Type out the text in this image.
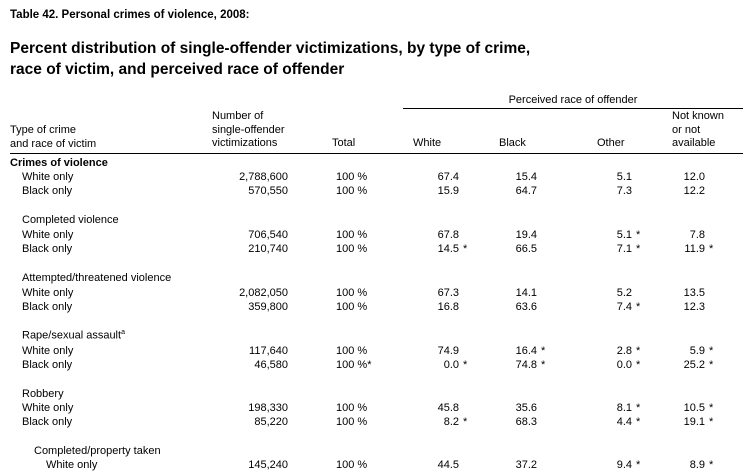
Table 42. Personal crimes of violence, 2008:
Percent distribution of single-offender victimizations, by type of crime,
race of victim, and perceived race of offender
Perceived race of offender
Type of crime
and race of victim
Number of
single-offender
victimizations	Total	White	Black	Other
Not known
or not
available
Crimes of violence
White only	2,788,600	100 %	67.4	15.4	5.1	12.0
Black only	570,550	100 %	15.9	64.7	7.3	12.2
Completed violence
White only	706,540	100 %	67.8	19.4	5.1 *	7.8
Black only	210,740	100 %	14.5 *	66.5	7.1 *	11.9 *
Attempted/threatened violence
White only	2,082,050	100 %	67.3	14.1	5.2	13.5
Black only	359,800	100 %	16.8	63.6	7.4 *	12.3
Rape/sexual assault$^a$
White only	117,640	100 %	74.9	16.4 *	2.8 *	5.9 *
Black only	46,580	100 %*	0.0 *	74.8 *	0.0 *	25.2 *
Robbery
White only	198,330	100 %	45.8	35.6	8.1 *	10.5 *
Black only	85,220	100 %	8.2 *	68.3	4.4 *	19.1 *
Completed/property taken
White only	145,240	100 %	44.5	37.2	9.4 *	8.9 *
